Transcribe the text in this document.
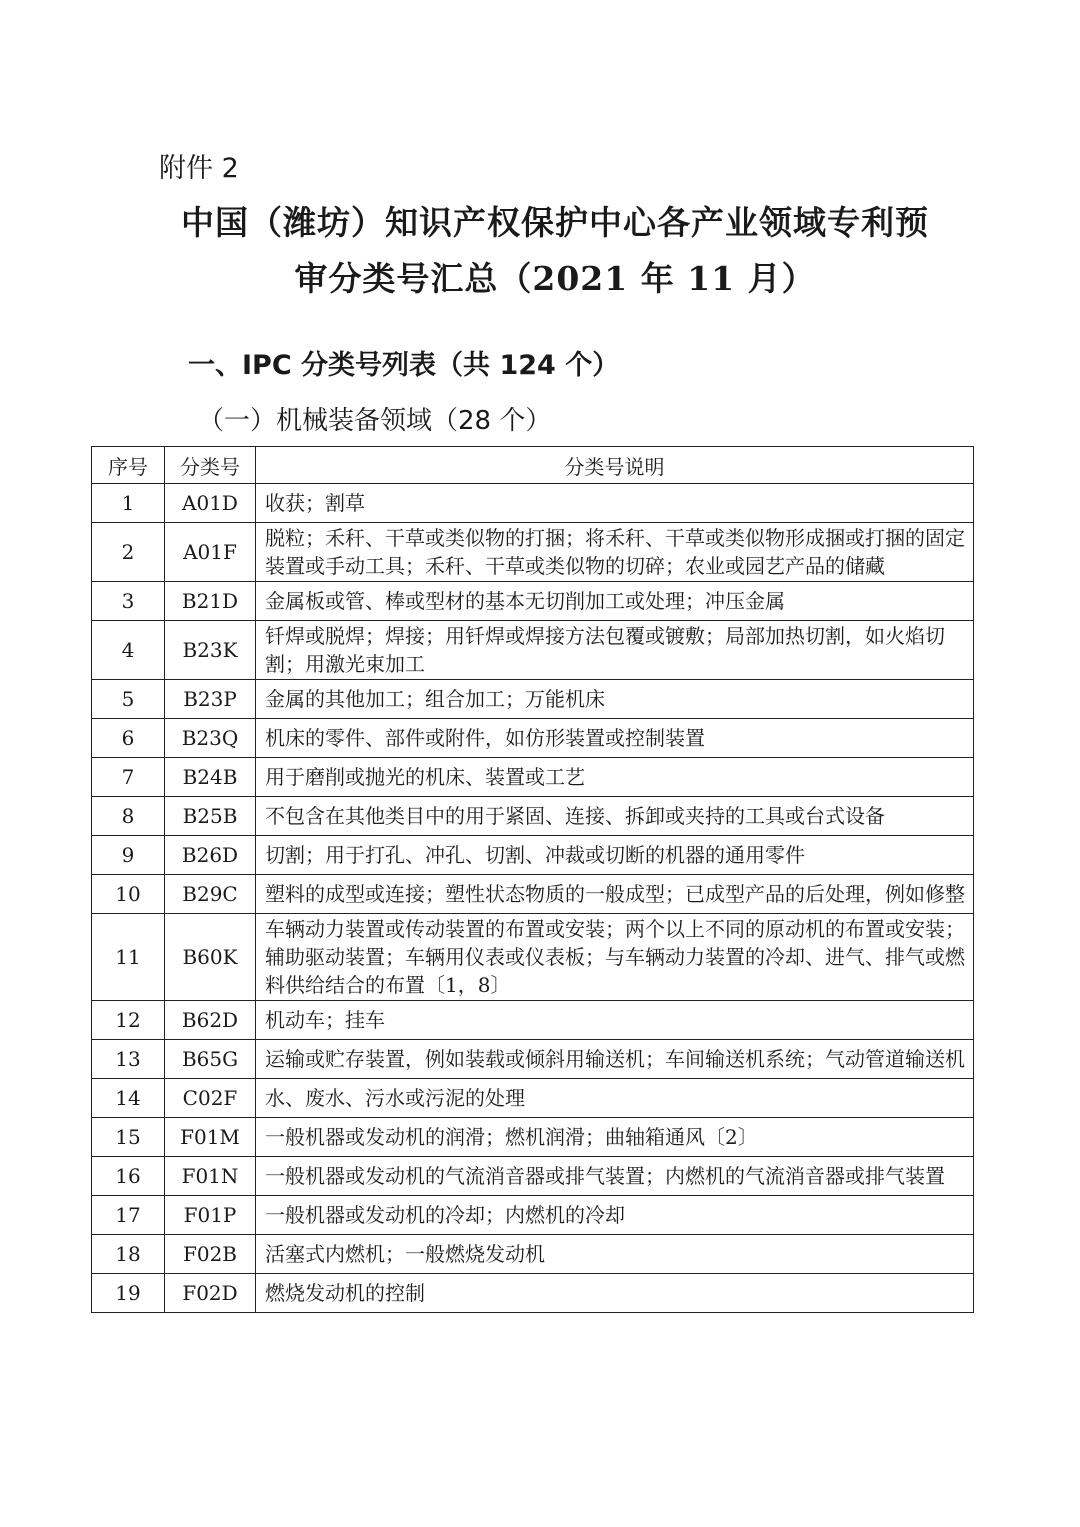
附件 2
中国（潍坊）知识产权保护中心各产业领域专利预
审分类号汇总（2021 年 11 月）
一、IPC 分类号列表（共 124 个）
（一）机械装备领域（28 个）
序号	分类号	分类号说明
1	A01D	收获；割草
2	A01F	脱粒；禾秆、干草或类似物的打捆；将禾秆、干草或类似物形成捆或打捆的固定装置或手动工具；禾秆、干草或类似物的切碎；农业或园艺产品的储藏
3	B21D	金属板或管、棒或型材的基本无切削加工或处理；冲压金属
4	B23K	钎焊或脱焊；焊接；用钎焊或焊接方法包覆或镀敷；局部加热切割，如火焰切割；用激光束加工
5	B23P	金属的其他加工；组合加工；万能机床
6	B23Q	机床的零件、部件或附件，如仿形装置或控制装置
7	B24B	用于磨削或抛光的机床、装置或工艺
8	B25B	不包含在其他类目中的用于紧固、连接、拆卸或夹持的工具或台式设备
9	B26D	切割；用于打孔、冲孔、切割、冲裁或切断的机器的通用零件
10	B29C	塑料的成型或连接；塑性状态物质的一般成型；已成型产品的后处理，例如修整
11	B60K	车辆动力装置或传动装置的布置或安装；两个以上不同的原动机的布置或安装；辅助驱动装置；车辆用仪表或仪表板；与车辆动力装置的冷却、进气、排气或燃料供给结合的布置〔1，8〕
12	B62D	机动车；挂车
13	B65G	运输或贮存装置，例如装载或倾斜用输送机；车间输送机系统；气动管道输送机
14	C02F	水、废水、污水或污泥的处理
15	F01M	一般机器或发动机的润滑；燃机润滑；曲轴箱通风〔2〕
16	F01N	一般机器或发动机的气流消音器或排气装置；内燃机的气流消音器或排气装置
17	F01P	一般机器或发动机的冷却；内燃机的冷却
18	F02B	活塞式内燃机；一般燃烧发动机
19	F02D	燃烧发动机的控制
